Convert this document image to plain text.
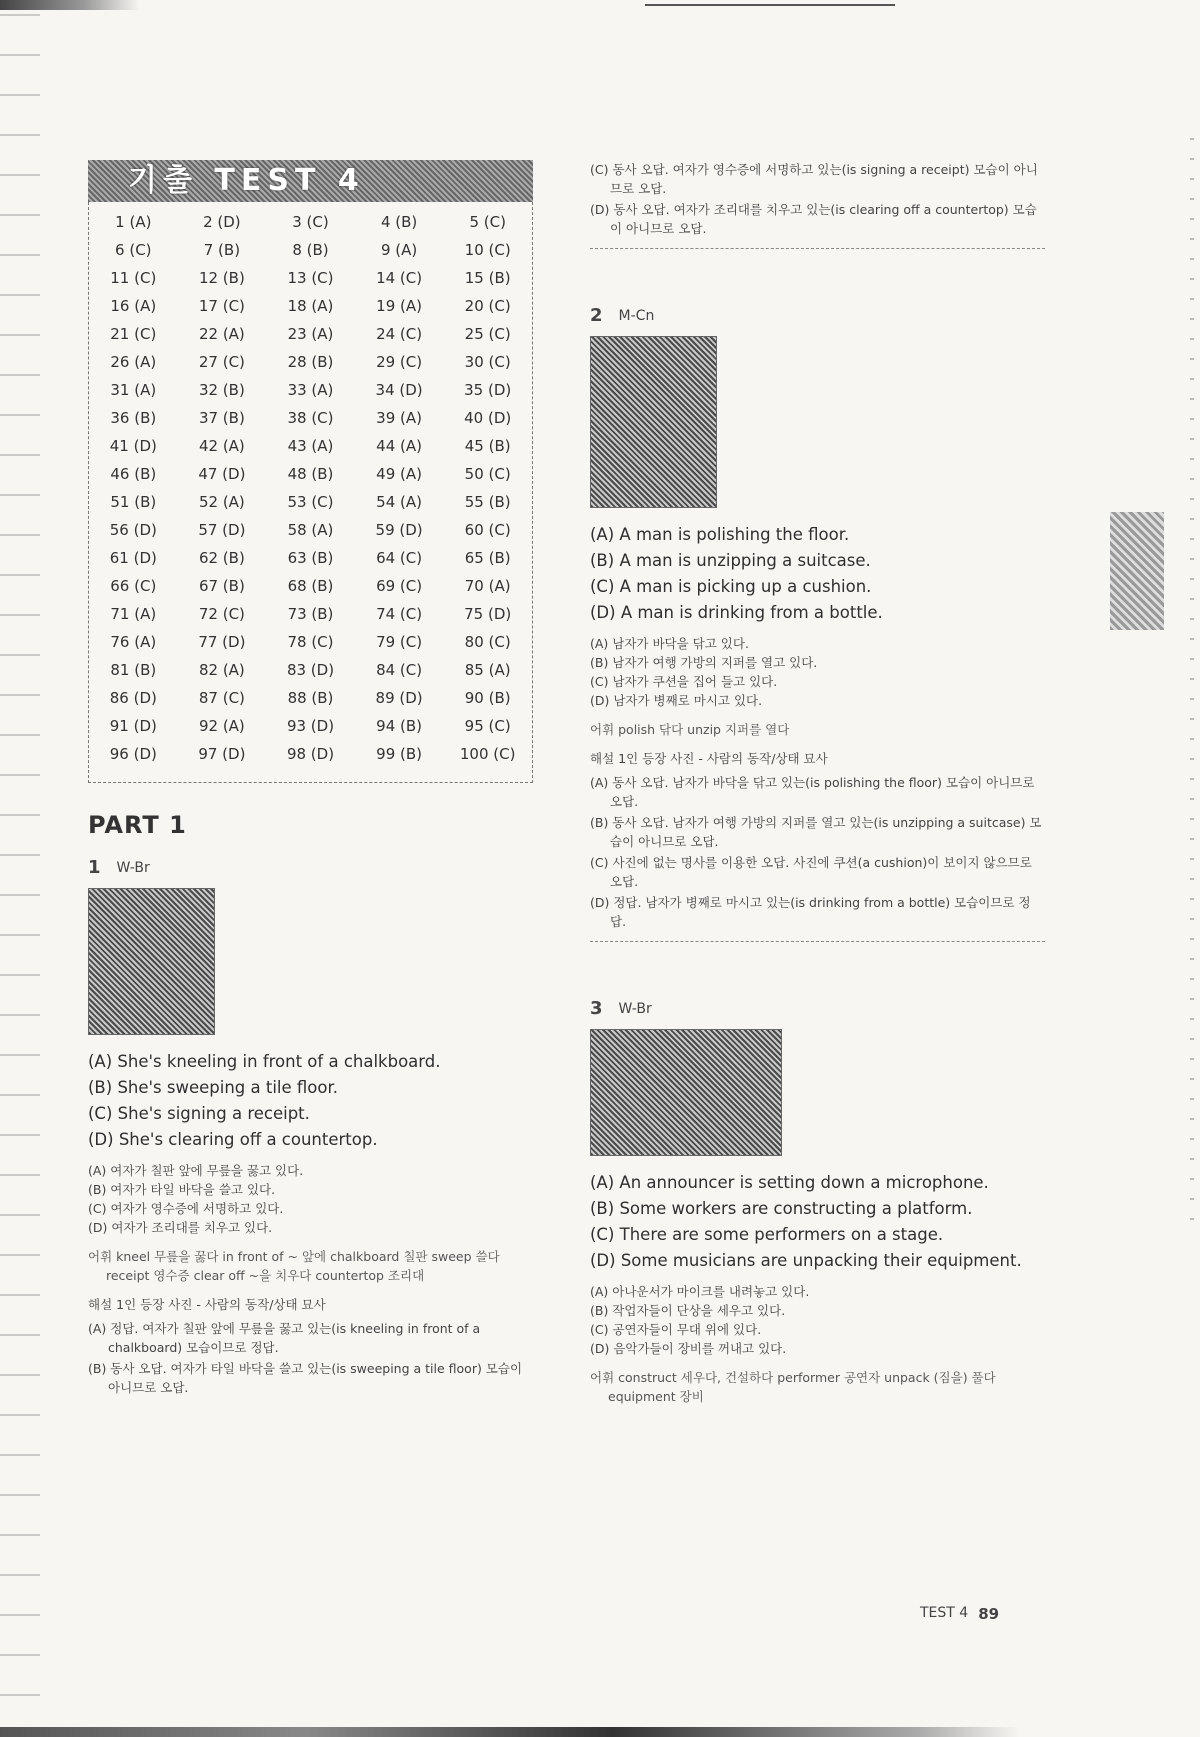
기출 TEST 4
1 (A)	2 (D)	3 (C)	4 (B)	5 (C)
6 (C)	7 (B)	8 (B)	9 (A)	10 (C)
11 (C)	12 (B)	13 (C)	14 (C)	15 (B)
16 (A)	17 (C)	18 (A)	19 (A)	20 (C)
21 (C)	22 (A)	23 (A)	24 (C)	25 (C)
26 (A)	27 (C)	28 (B)	29 (C)	30 (C)
31 (A)	32 (B)	33 (A)	34 (D)	35 (D)
36 (B)	37 (B)	38 (C)	39 (A)	40 (D)
41 (D)	42 (A)	43 (A)	44 (A)	45 (B)
46 (B)	47 (D)	48 (B)	49 (A)	50 (C)
51 (B)	52 (A)	53 (C)	54 (A)	55 (B)
56 (D)	57 (D)	58 (A)	59 (D)	60 (C)
61 (D)	62 (B)	63 (B)	64 (C)	65 (B)
66 (C)	67 (B)	68 (B)	69 (C)	70 (A)
71 (A)	72 (C)	73 (B)	74 (C)	75 (D)
76 (A)	77 (D)	78 (C)	79 (C)	80 (C)
81 (B)	82 (A)	83 (D)	84 (C)	85 (A)
86 (D)	87 (C)	88 (B)	89 (D)	90 (B)
91 (D)	92 (A)	93 (D)	94 (B)	95 (C)
96 (D)	97 (D)	98 (D)	99 (B)	100 (C)
PART 1
1 W-Br
(A) She's kneeling in front of a chalkboard.
(B) She's sweeping a tile floor.
(C) She's signing a receipt.
(D) She's clearing off a countertop.
(A) 여자가 칠판 앞에 무릎을 꿇고 있다.
(B) 여자가 타일 바닥을 쓸고 있다.
(C) 여자가 영수증에 서명하고 있다.
(D) 여자가 조리대를 치우고 있다.
어휘 kneel 무릎을 꿇다 in front of ~ 앞에 chalkboard 칠판 sweep 쓸다 receipt 영수증 clear off ~을 치우다 countertop 조리대
해설 1인 등장 사진 - 사람의 동작/상태 묘사
(A) 정답. 여자가 칠판 앞에 무릎을 꿇고 있는(is kneeling in front of a chalkboard) 모습이므로 정답.
(B) 동사 오답. 여자가 타일 바닥을 쓸고 있는(is sweeping a tile floor) 모습이 아니므로 오답.
(C) 동사 오답. 여자가 영수증에 서명하고 있는(is signing a receipt) 모습이 아니므로 오답.
(D) 동사 오답. 여자가 조리대를 치우고 있는(is clearing off a countertop) 모습이 아니므로 오답.
2 M-Cn
(A) A man is polishing the floor.
(B) A man is unzipping a suitcase.
(C) A man is picking up a cushion.
(D) A man is drinking from a bottle.
(A) 남자가 바닥을 닦고 있다.
(B) 남자가 여행 가방의 지퍼를 열고 있다.
(C) 남자가 쿠션을 집어 들고 있다.
(D) 남자가 병째로 마시고 있다.
어휘 polish 닦다 unzip 지퍼를 열다
해설 1인 등장 사진 - 사람의 동작/상태 묘사
(A) 동사 오답. 남자가 바닥을 닦고 있는(is polishing the floor) 모습이 아니므로 오답.
(B) 동사 오답. 남자가 여행 가방의 지퍼를 열고 있는(is unzipping a suitcase) 모습이 아니므로 오답.
(C) 사진에 없는 명사를 이용한 오답. 사진에 쿠션(a cushion)이 보이지 않으므로 오답.
(D) 정답. 남자가 병째로 마시고 있는(is drinking from a bottle) 모습이므로 정답.
3 W-Br
(A) An announcer is setting down a microphone.
(B) Some workers are constructing a platform.
(C) There are some performers on a stage.
(D) Some musicians are unpacking their equipment.
(A) 아나운서가 마이크를 내려놓고 있다.
(B) 작업자들이 단상을 세우고 있다.
(C) 공연자들이 무대 위에 있다.
(D) 음악가들이 장비를 꺼내고 있다.
어휘 construct 세우다, 건설하다 performer 공연자 unpack (짐을) 풀다 equipment 장비
TEST 4 89
